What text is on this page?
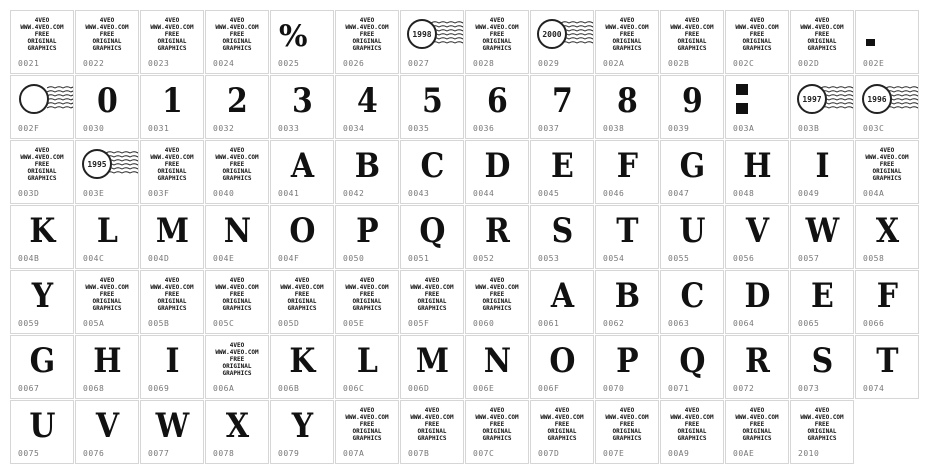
4VEO
WWW.4VEO.COM
FREE
ORIGINAL
GRAPHICS
0021
4VEO
WWW.4VEO.COM
FREE
ORIGINAL
GRAPHICS
0022
4VEO
WWW.4VEO.COM
FREE
ORIGINAL
GRAPHICS
0023
4VEO
WWW.4VEO.COM
FREE
ORIGINAL
GRAPHICS
0024
%
0025
4VEO
WWW.4VEO.COM
FREE
ORIGINAL
GRAPHICS
0026
1998
0027
4VEO
WWW.4VEO.COM
FREE
ORIGINAL
GRAPHICS
0028
2000
0029
4VEO
WWW.4VEO.COM
FREE
ORIGINAL
GRAPHICS
002A
4VEO
WWW.4VEO.COM
FREE
ORIGINAL
GRAPHICS
002B
4VEO
WWW.4VEO.COM
FREE
ORIGINAL
GRAPHICS
002C
4VEO
WWW.4VEO.COM
FREE
ORIGINAL
GRAPHICS
002D	002E
002F
0
0030
1
0031
2
0032
3
0033
4
0034
5
0035
6
0036
7
0037
8
0038
9
0039	003A
1997
003B
1996
003C
4VEO
WWW.4VEO.COM
FREE
ORIGINAL
GRAPHICS
003D
1995
003E
4VEO
WWW.4VEO.COM
FREE
ORIGINAL
GRAPHICS
003F
4VEO
WWW.4VEO.COM
FREE
ORIGINAL
GRAPHICS
0040
A
0041
B
0042
C
0043
D
0044
E
0045
F
0046
G
0047
H
0048
I
0049
4VEO
WWW.4VEO.COM
FREE
ORIGINAL
GRAPHICS
004A
K
004B
L
004C
M
004D
N
004E
O
004F
P
0050
Q
0051
R
0052
S
0053
T
0054
U
0055
V
0056
W
0057
X
0058
Y
0059
4VEO
WWW.4VEO.COM
FREE
ORIGINAL
GRAPHICS
005A
4VEO
WWW.4VEO.COM
FREE
ORIGINAL
GRAPHICS
005B
4VEO
WWW.4VEO.COM
FREE
ORIGINAL
GRAPHICS
005C
4VEO
WWW.4VEO.COM
FREE
ORIGINAL
GRAPHICS
005D
4VEO
WWW.4VEO.COM
FREE
ORIGINAL
GRAPHICS
005E
4VEO
WWW.4VEO.COM
FREE
ORIGINAL
GRAPHICS
005F
4VEO
WWW.4VEO.COM
FREE
ORIGINAL
GRAPHICS
0060
A
0061
B
0062
C
0063
D
0064
E
0065
F
0066
G
0067
H
0068
I
0069
4VEO
WWW.4VEO.COM
FREE
ORIGINAL
GRAPHICS
006A
K
006B
L
006C
M
006D
N
006E
O
006F
P
0070
Q
0071
R
0072
S
0073
T
0074
U
0075
V
0076
W
0077
X
0078
Y
0079
4VEO
WWW.4VEO.COM
FREE
ORIGINAL
GRAPHICS
007A
4VEO
WWW.4VEO.COM
FREE
ORIGINAL
GRAPHICS
007B
4VEO
WWW.4VEO.COM
FREE
ORIGINAL
GRAPHICS
007C
4VEO
WWW.4VEO.COM
FREE
ORIGINAL
GRAPHICS
007D
4VEO
WWW.4VEO.COM
FREE
ORIGINAL
GRAPHICS
007E
4VEO
WWW.4VEO.COM
FREE
ORIGINAL
GRAPHICS
00A9
4VEO
WWW.4VEO.COM
FREE
ORIGINAL
GRAPHICS
00AE
4VEO
WWW.4VEO.COM
FREE
ORIGINAL
GRAPHICS
2010
